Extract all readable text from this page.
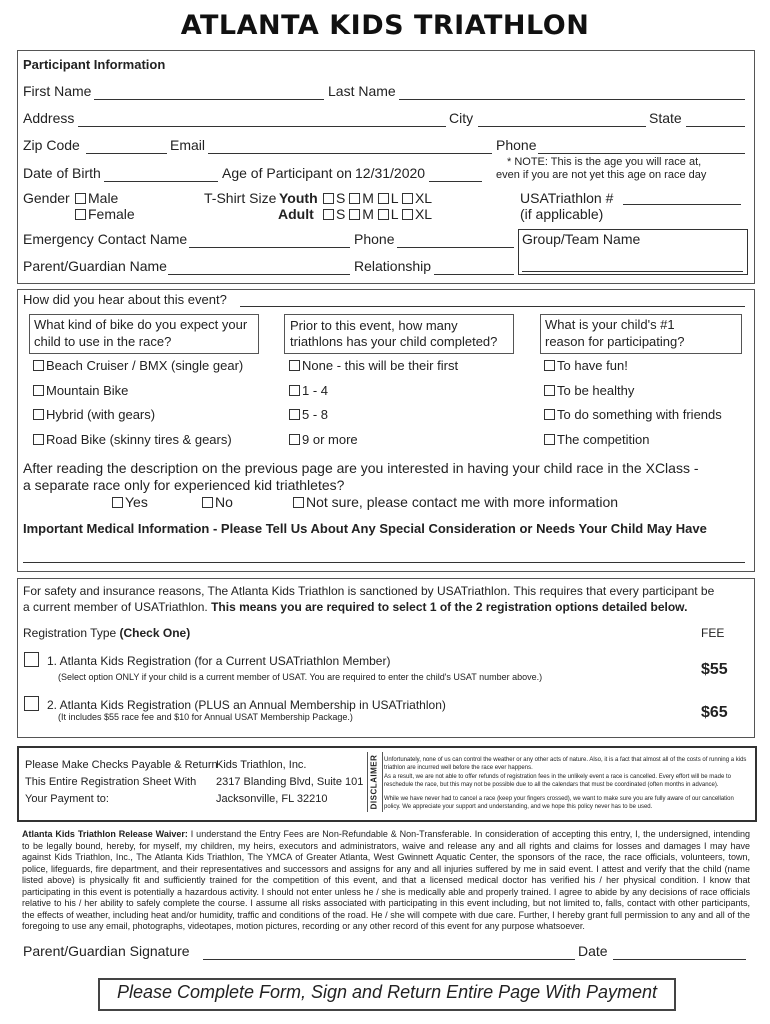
ATLANTA KIDS TRIATHLON
Participant Information
First Name	Last Name
Address	City	State
Zip Code	Email	Phone
Date of Birth	Age of Participant on 12/31/2020
* NOTE: This is the age you will race at,
even if you are not yet this age on race day
Gender	Male
Female
T-Shirt Size Youth
Adult
S M L XL
S M L XL
USATriathlon #
(if applicable)
Emergency Contact Name	Phone	Group/Team Name
Parent/Guardian Name	Relationship
How did you hear about this event?
What kind of bike do you expect your
child to use in the race?
Prior to this event, how many
triathlons has your child completed?
What is your child's #1
reason for participating?
Beach Cruiser / BMX (single gear)
Mountain Bike
Hybrid (with gears)
Road Bike (skinny tires & gears)
None - this will be their first
1 - 4
5 - 8
9 or more
To have fun!
To be healthy
To do something with friends
The competition
After reading the description on the previous page are you interested in having your child race in the XClass -
a separate race only for experienced kid triathletes?
Yes	No	Not sure, please contact me with more information
Important Medical Information - Please Tell Us About Any Special Consideration or Needs Your Child May Have
For safety and insurance reasons, The Atlanta Kids Triathlon is sanctioned by USATriathlon. This requires that every participant be
a current member of USATriathlon. This means you are required to select 1 of the 2 registration options detailed below.
Registration Type (Check One)	FEE
1. Atlanta Kids Registration (for a Current USATriathlon Member)
(Select option ONLY if your child is a current member of USAT. You are required to enter the child's USAT number above.)	$55
2. Atlanta Kids Registration (PLUS an Annual Membership in USATriathlon)
(It includes $55 race fee and $10 for Annual USAT Membership Package.)	$65
Please Make Checks Payable & Return
This Entire Registration Sheet With
Your Payment to:
Kids Triathlon, Inc.
2317 Blanding Blvd, Suite 101
Jacksonville, FL 32210	DISCLAIMER Unfortunately, none of us can control the weather or any other acts of nature. Also, it is a fact that almost all of the costs of running a kids triathlon are incurred well before the race ever happens.
As a result, we are not able to offer refunds of registration fees in the unlikely event a race is cancelled. Every effort will be made to reschedule the race, but this may not be possible due to all the calendars that must be coordinated (often months in advance).
While we have never had to cancel a race (keep your fingers crossed), we want to make sure you are fully aware of our cancellation policy. We appreciate your support and understanding, and we hope this policy never has to be used.
Atlanta Kids Triathlon Release Waiver: I understand the Entry Fees are Non-Refundable & Non-Transferable. In consideration of accepting this entry, I, the undersigned, intending to be legally bound, hereby, for myself, my children, my heirs, executors and administrators, waive and release any and all rights and claims for losses and damages I may have against Kids Triathlon, Inc., The Atlanta Kids Triathlon, The YMCA of Greater Atlanta, West Gwinnett Aquatic Center, the sponsors of the race, the race officials, volunteers, town, police, lifeguards, fire department, and their representatives and successors and assigns for any and all injuries suffered by me in said event. I attest and verify that the child (name listed above) is physically fit and sufficiently trained for the competition of this event, and that a licensed medical doctor has verified his / her physical condition. I know that participating in this event is potentially a hazardous activity. I should not enter unless he / she is medically able and properly trained. I agree to abide by any decisions of race officials relative to his / her ability to safely complete the course. I assume all risks associated with participating in this event including, but not limited to, falls, contact with other participants, the effects of weather, including heat and/or humidity, traffic and conditions of the road. He / she will compete with due care. Further, I hereby grant full permission to any and all of the foregoing to use any email, photographs, videotapes, motion pictures, recording or any other record of this event for any purpose whatsoever.
Parent/Guardian Signature	Date
Please Complete Form, Sign and Return Entire Page With Payment
